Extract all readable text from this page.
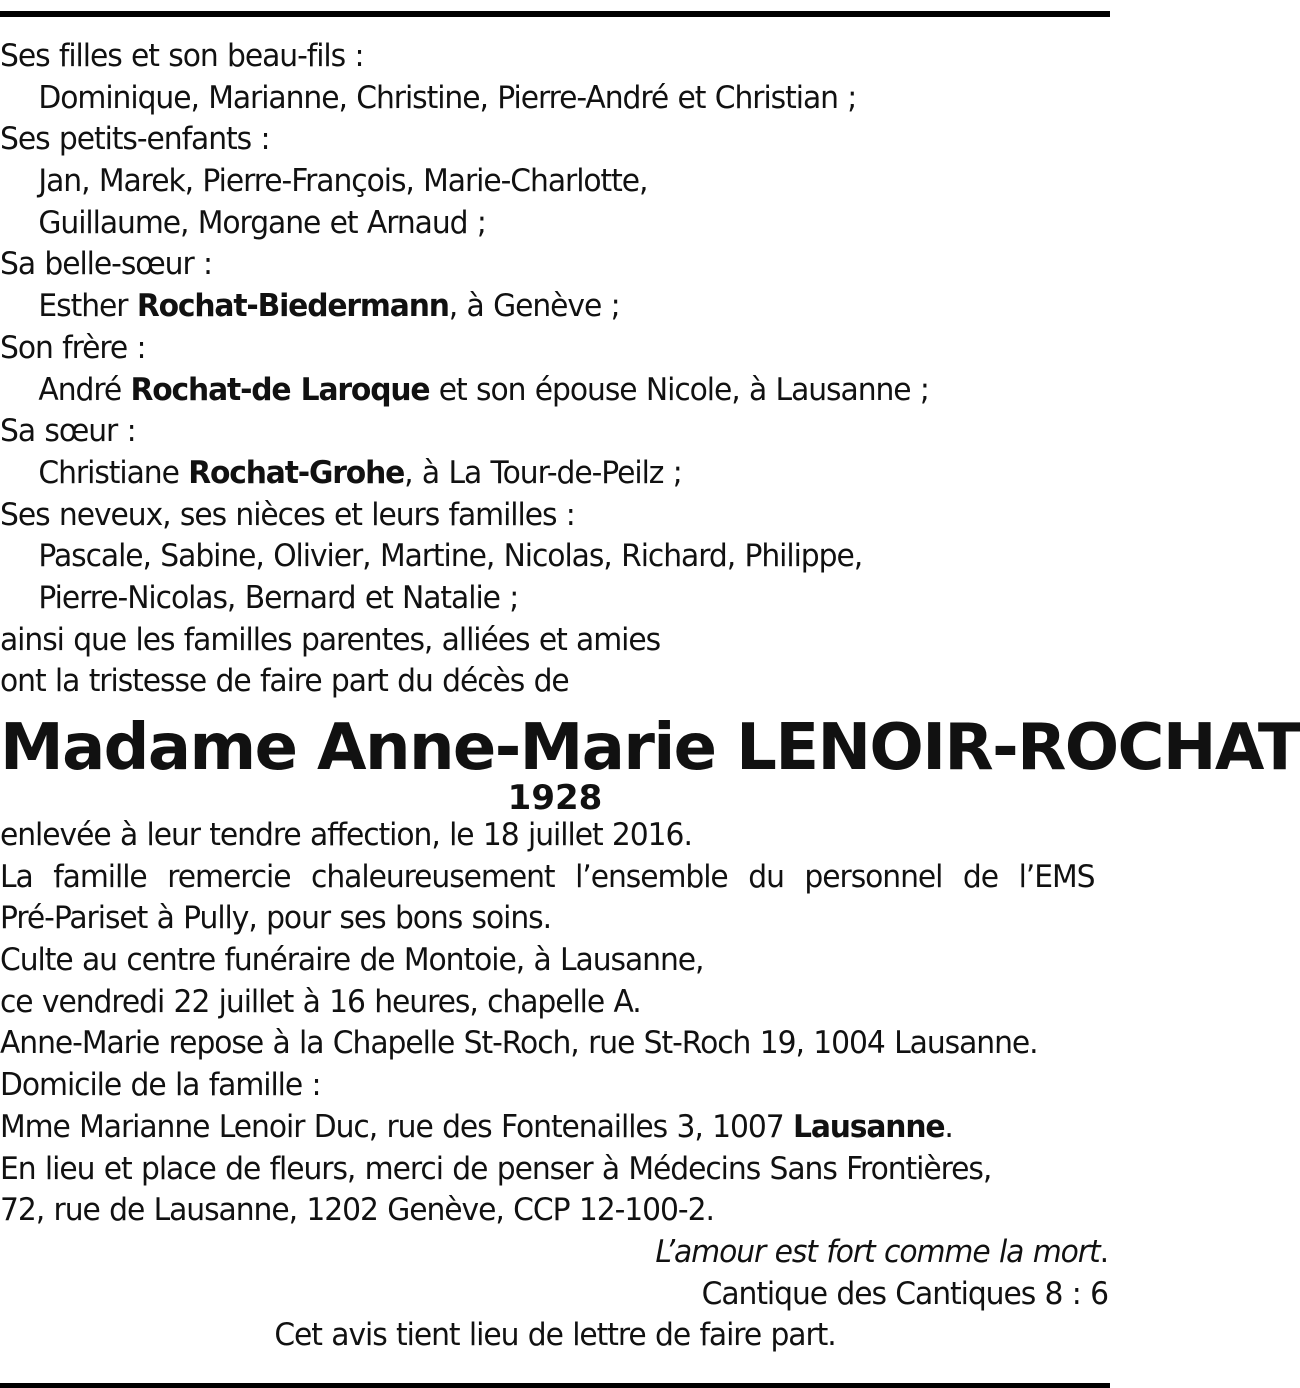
Ses filles et son beau-fils :

Dominique, Marianne, Christine, Pierre-André et Christian ;

Ses petits-enfants :

Jan, Marek, Pierre-François, Marie-Charlotte,

Guillaume, Morgane et Arnaud ;

Sa belle-sœur :

Esther Rochat-Biedermann, à Genève ;

Son frère :

André Rochat-de Laroque et son épouse Nicole, à Lausanne ;

Sa sœur :

Christiane Rochat-Grohe, à La Tour-de-Peilz ;

Ses neveux, ses nièces et leurs familles :

Pascale, Sabine, Olivier, Martine, Nicolas, Richard, Philippe,

Pierre-Nicolas, Bernard et Natalie ;

ainsi que les familles parentes, alliées et amies

ont la tristesse de faire part du décès de

Madame Anne-Marie LENOIR-ROCHAT
1928

enlevée à leur tendre affection, le 18 juillet 2016.

La famille remercie chaleureusement l’ensemble du personnel de l’EMS

Pré-Pariset à Pully, pour ses bons soins.

Culte au centre funéraire de Montoie, à Lausanne,

ce vendredi 22 juillet à 16 heures, chapelle A.

Anne-Marie repose à la Chapelle St-Roch, rue St-Roch 19, 1004 Lausanne.

Domicile de la famille :

Mme Marianne Lenoir Duc, rue des Fontenailles 3, 1007 Lausanne.

En lieu et place de fleurs, merci de penser à Médecins Sans Frontières,

72, rue de Lausanne, 1202 Genève, CCP 12-100-2.

L’amour est fort comme la mort.

Cantique des Cantiques 8 : 6

Cet avis tient lieu de lettre de faire part.
